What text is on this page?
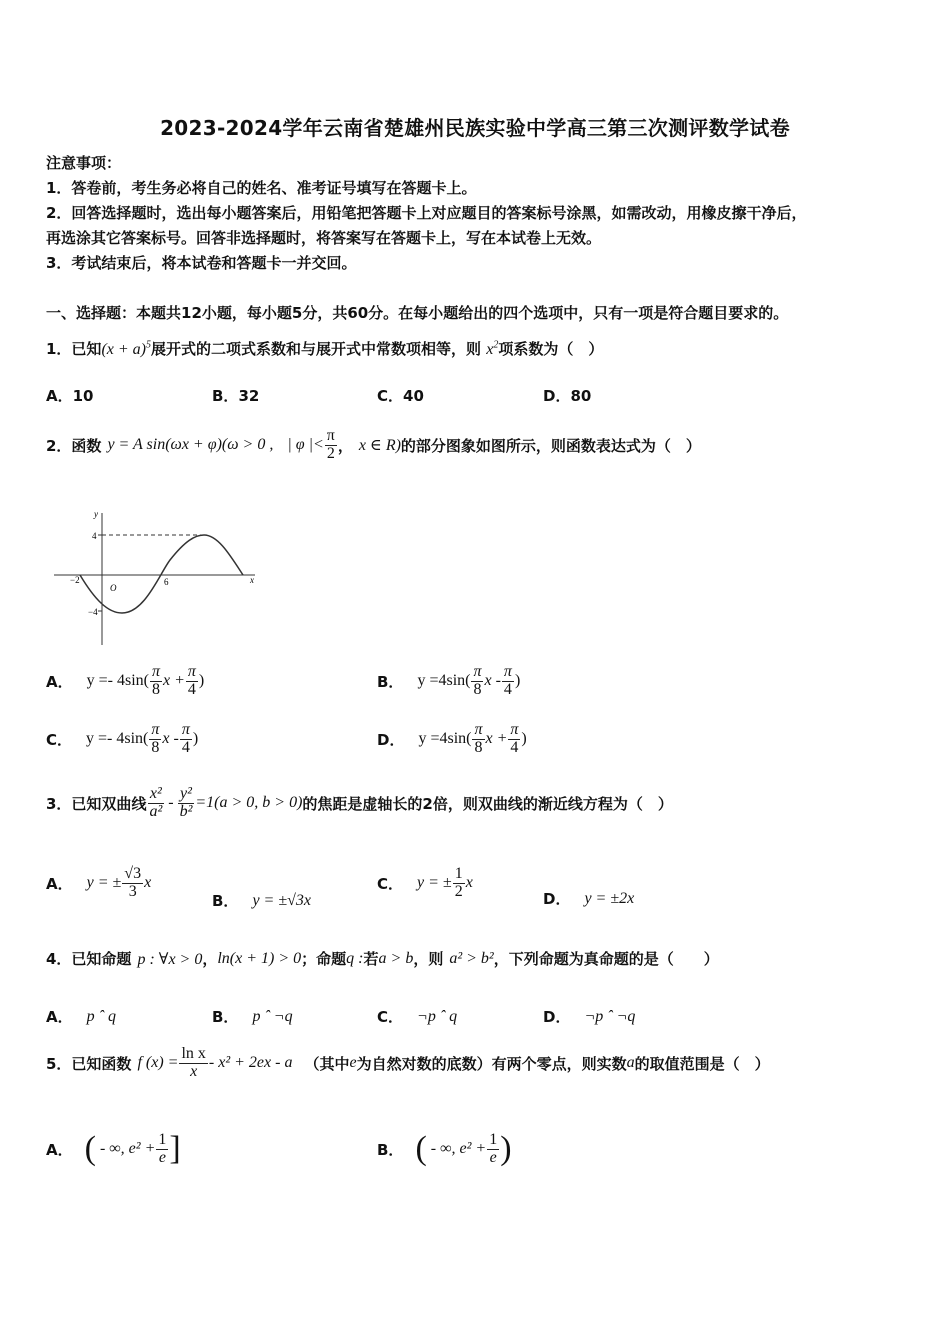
2023-2024学年云南省楚雄州民族实验中学高三第三次测评数学试卷
注意事项：
1．答卷前，考生务必将自己的姓名、准考证号填写在答题卡上。
2．回答选择题时，选出每小题答案后，用铅笔把答题卡上对应题目的答案标号涂黑，如需改动，用橡皮擦干净后，
再选涂其它答案标号。回答非选择题时，将答案写在答题卡上，写在本试卷上无效。
3．考试结束后，将本试卷和答题卡一并交回。
一、选择题：本题共12小题，每小题5分，共60分。在每小题给出的四个选项中，只有一项是符合题目要求的。
1．已知$(x + a)^5$展开式的二项式系数和与展开式中常数项相等，则 $x^2$项系数为（　）
A．10	B．32	C．40	D．80
2．函数 y = A sin(ωx + φ)(ω > 0 , | φ |< $\frac{\pi}{2}$ ， x ∈ R) 的部分图象如图所示，则函数表达式为（　）
y
x
O
4
−4
−2	6
A． $y =- 4\sin( \frac{\pi}{8}$ $x + \frac{\pi}{4}$ )	B． $y =4\sin( \frac{\pi}{8}$ x - $\frac{\pi}{4}$ )
C． $y =- 4\sin( \frac{\pi}{8}$ x - $\frac{\pi}{4}$ )	D． $y =4\sin( \frac{\pi}{8}$ $x + \frac{\pi}{4}$ )
3．已知双曲线 $\frac{\text{x²}}{\text{a²}} - \frac{\text{y²}}{\text{b²}} =1(a > 0$, b > 0) 的焦距是虚轴长的2倍，则双曲线的渐近线方程为（　）
A． y = ± $\frac{√3}{3}$ x
B． y = ±√3x
C． y = ± $\frac{1}{2}$ x
D． y = ±2x
4．已知命题 p : ∀x > 0 ， ln(x + 1) > 0 ；命题 q : 若 a > b ，则 a² > b² ，下列命题为真命题的是（　　）
A． p ˆ q	B． p ˆ ¬q	C． ¬p ˆ q	D． ¬p ˆ ¬q
5．已知函数 f $(x) = \frac{\text{ln x}}{x} - x^2 + 2ex - a$ （其中 e 为自然对数的底数）有两个零点，则实数 a 的取值范围是（　）
A． ( - ∞, $e^2 + \frac{1}{e}$ ]	B． ( - ∞, $e^2 + \frac{1}{e}$ )
